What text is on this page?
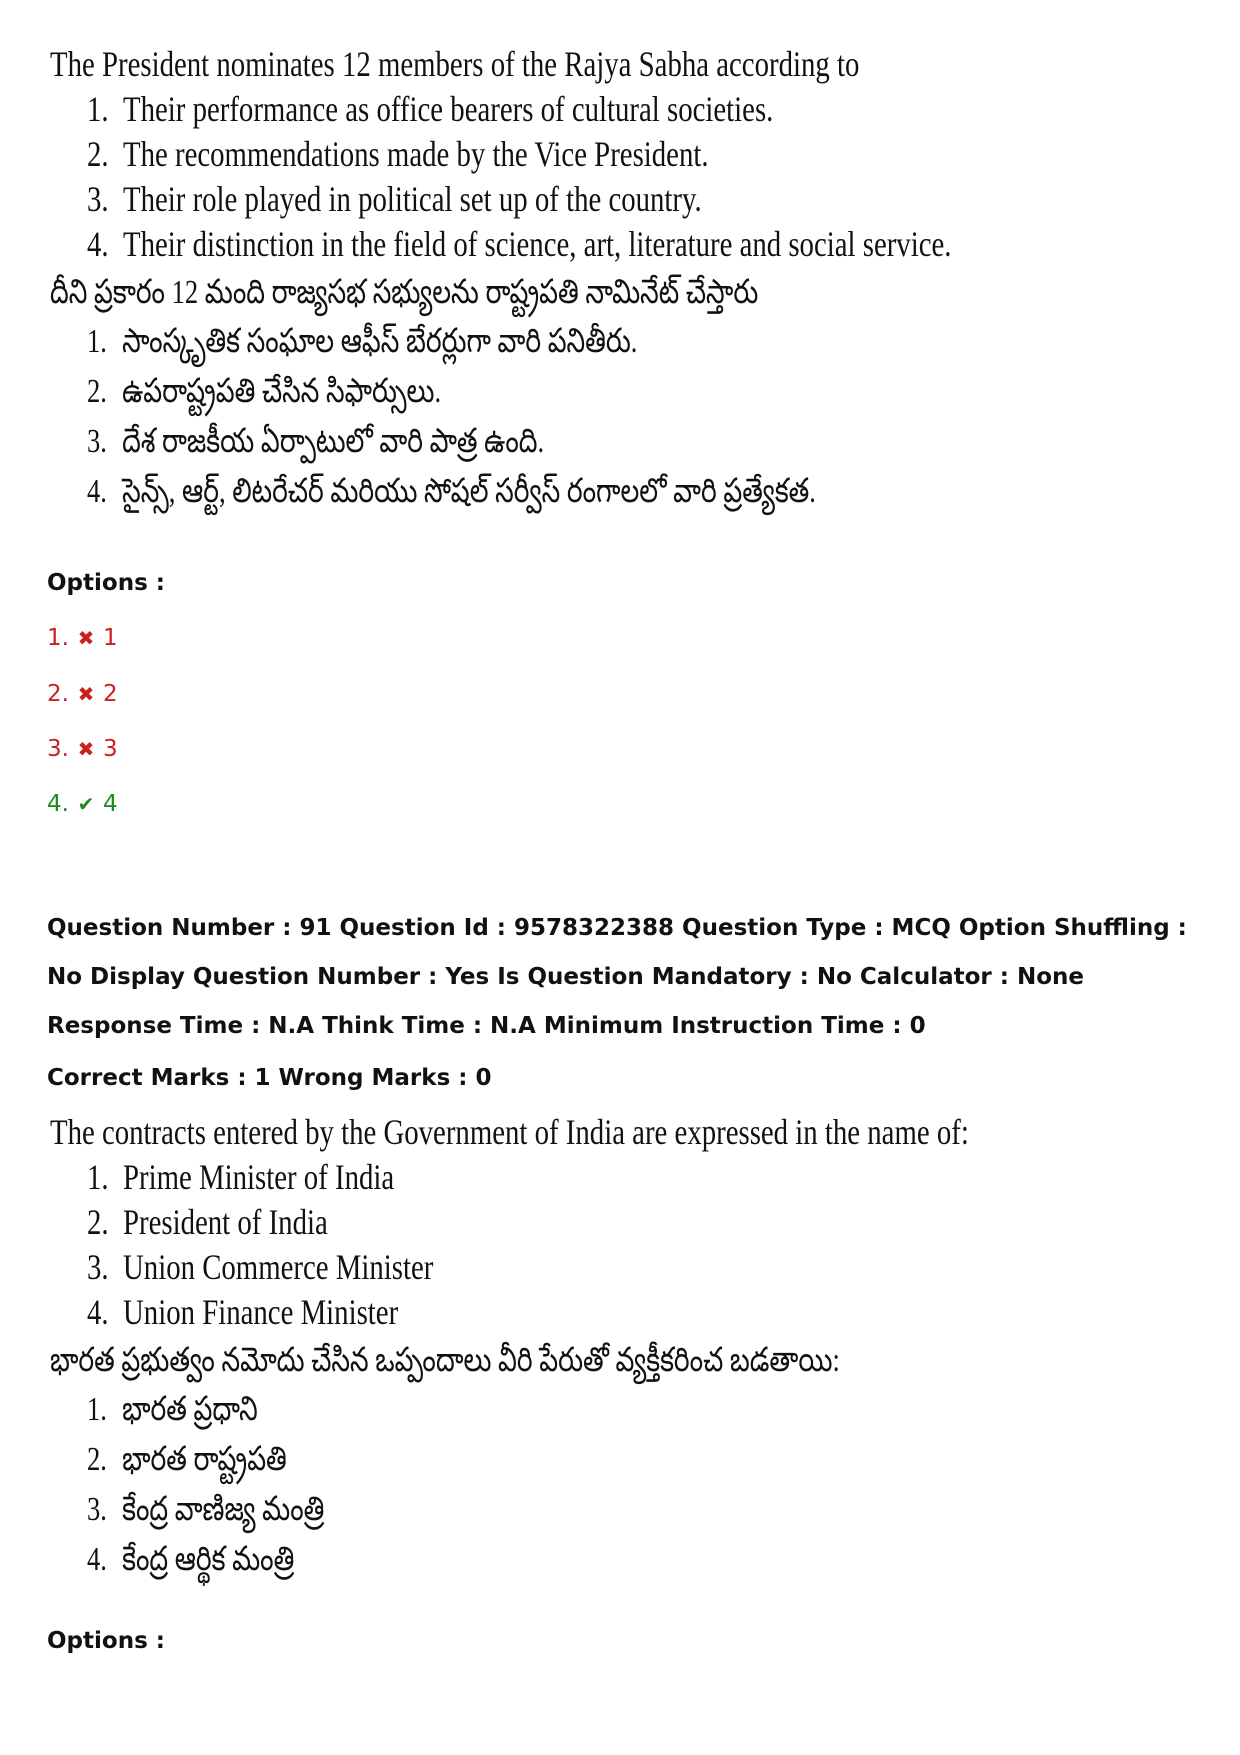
The President nominates 12 members of the Rajya Sabha according to
1. Their performance as office bearers of cultural societies.
2. The recommendations made by the Vice President.
3. Their role played in political set up of the country.
4. Their distinction in the field of science, art, literature and social service.
దీని ప్రకారం 12 మంది రాజ్యసభ సభ్యులను రాష్ట్రపతి నామినేట్ చేస్తారు
1. సాంస్కృతిక సంఘాల ఆఫీస్ బేరర్లుగా వారి పనితీరు.
2. ఉపరాష్ట్రపతి చేసిన సిఫార్సులు.
3. దేశ రాజకీయ ఏర్పాటులో వారి పాత్ర ఉంది.
4. సైన్స్, ఆర్ట్, లిటరేచర్ మరియు సోషల్ సర్వీస్ రంగాలలో వారి ప్రత్యేకత.
Options :
1. ✖ 1
2. ✖ 2
3. ✖ 3
4. ✔ 4
Question Number : 91 Question Id : 9578322388 Question Type : MCQ Option Shuffling : No Display Question Number : Yes Is Question Mandatory : No Calculator : None Response Time : N.A Think Time : N.A Minimum Instruction Time : 0
Correct Marks : 1 Wrong Marks : 0
The contracts entered by the Government of India are expressed in the name of:
1. Prime Minister of India
2. President of India
3. Union Commerce Minister
4. Union Finance Minister
భారత ప్రభుత్వం నమోదు చేసిన ఒప్పందాలు వీరి పేరుతో వ్యక్తీకరించ బడతాయి:
1. భారత ప్రధాని
2. భారత రాష్ట్రపతి
3. కేంద్ర వాణిజ్య మంత్రి
4. కేంద్ర ఆర్థిక మంత్రి
Options :
